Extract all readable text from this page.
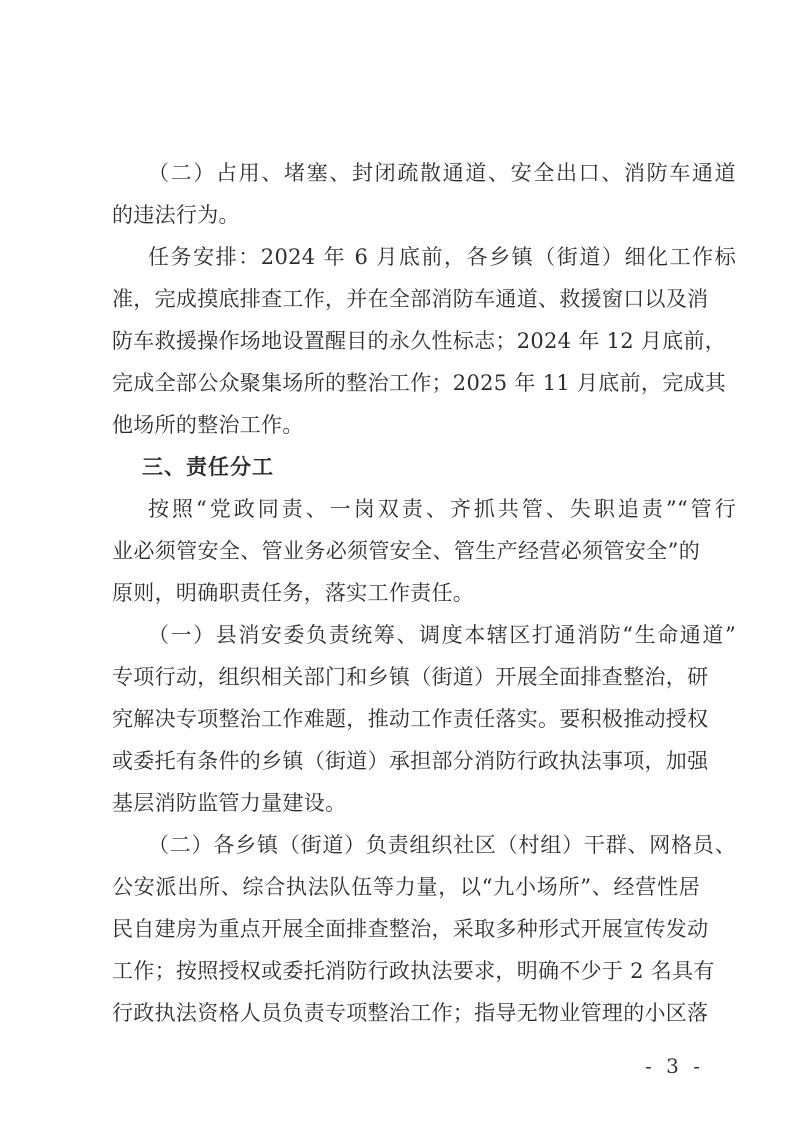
（二）占用、堵塞、封闭疏散通道、安全出口、消防车通道
的违法行为。
任务安排：2024 年 6 月底前，各乡镇（街道）细化工作标
准，完成摸底排查工作，并在全部消防车通道、救援窗口以及消
防车救援操作场地设置醒目的永久性标志；2024 年 12 月底前，
完成全部公众聚集场所的整治工作；2025 年 11 月底前，完成其
他场所的整治工作。
三、责任分工
按照“党政同责、一岗双责、齐抓共管、失职追责”“管行
业必须管安全、管业务必须管安全、管生产经营必须管安全”的
原则，明确职责任务，落实工作责任。
（一）县消安委负责统筹、调度本辖区打通消防“生命通道”
专项行动，组织相关部门和乡镇（街道）开展全面排查整治，研
究解决专项整治工作难题，推动工作责任落实。要积极推动授权
或委托有条件的乡镇（街道）承担部分消防行政执法事项，加强
基层消防监管力量建设。
（二）各乡镇（街道）负责组织社区（村组）干群、网格员、
公安派出所、综合执法队伍等力量，以“九小场所”、经营性居
民自建房为重点开展全面排查整治，采取多种形式开展宣传发动
工作；按照授权或委托消防行政执法要求，明确不少于 2 名具有
行政执法资格人员负责专项整治工作；指导无物业管理的小区落
- 3 -
